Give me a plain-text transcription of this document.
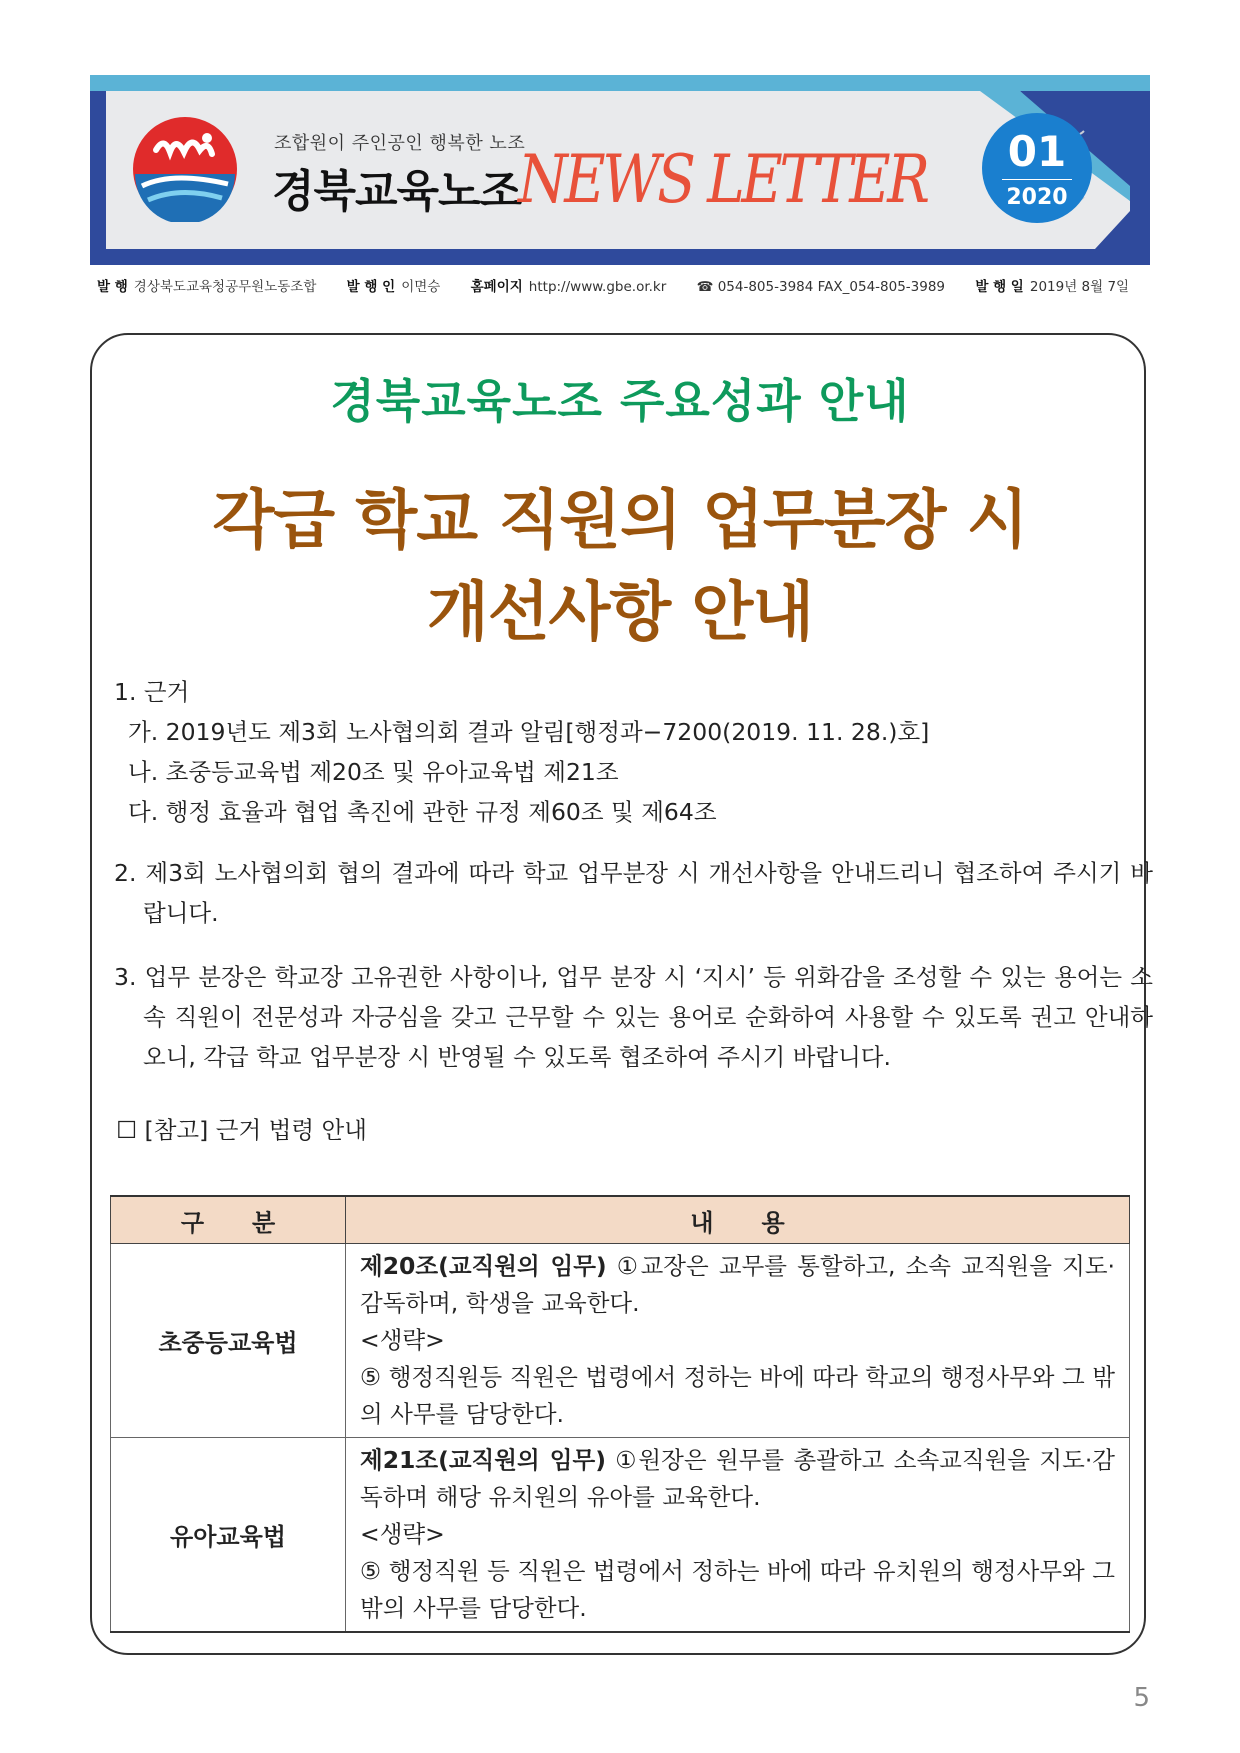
조합원이 주인공인 행복한 노조
경북교육노조
NEWS LETTER	01
2020
발 행 경상북도교육청공무원노동조합 발 행 인 이면승 홈페이지 http://www.gbe.or.kr ☎ 054-805-3984 FAX_054-805-3989 발 행 일 2019년 8월 7일
경북교육노조 주요성과 안내
각급 학교 직원의 업무분장 시
개선사항 안내
1. 근거
가. 2019년도 제3회 노사협의회 결과 알림[행정과−7200(2019. 11. 28.)호]
나. 초중등교육법 제20조 및 유아교육법 제21조
다. 행정 효율과 협업 촉진에 관한 규정 제60조 및 제64조
2. 제3회 노사협의회 협의 결과에 따라 학교 업무분장 시 개선사항을 안내드리니 협조하여 주시기 바랍니다.
3. 업무 분장은 학교장 고유권한 사항이나, 업무 분장 시 ‘지시’ 등 위화감을 조성할 수 있는 용어는 소속 직원이 전문성과 자긍심을 갖고 근무할 수 있는 용어로 순화하여 사용할 수 있도록 권고 안내하오니, 각급 학교 업무분장 시 반영될 수 있도록 협조하여 주시기 바랍니다.
☐ [참고] 근거 법령 안내
구　　분	내　　용
초중등교육법	제20조(교직원의 임무) ①교장은 교무를 통할하고, 소속 교직원을 지도·감독하며, 학생을 교육한다.
<생략>
⑤ 행정직원등 직원은 법령에서 정하는 바에 따라 학교의 행정사무와 그 밖의 사무를 담당한다.

유아교육법	제21조(교직원의 임무) ①원장은 원무를 총괄하고 소속교직원을 지도·감독하며 해당 유치원의 유아를 교육한다.
<생략>
⑤ 행정직원 등 직원은 법령에서 정하는 바에 따라 유치원의 행정사무와 그 밖의 사무를 담당한다.
5
